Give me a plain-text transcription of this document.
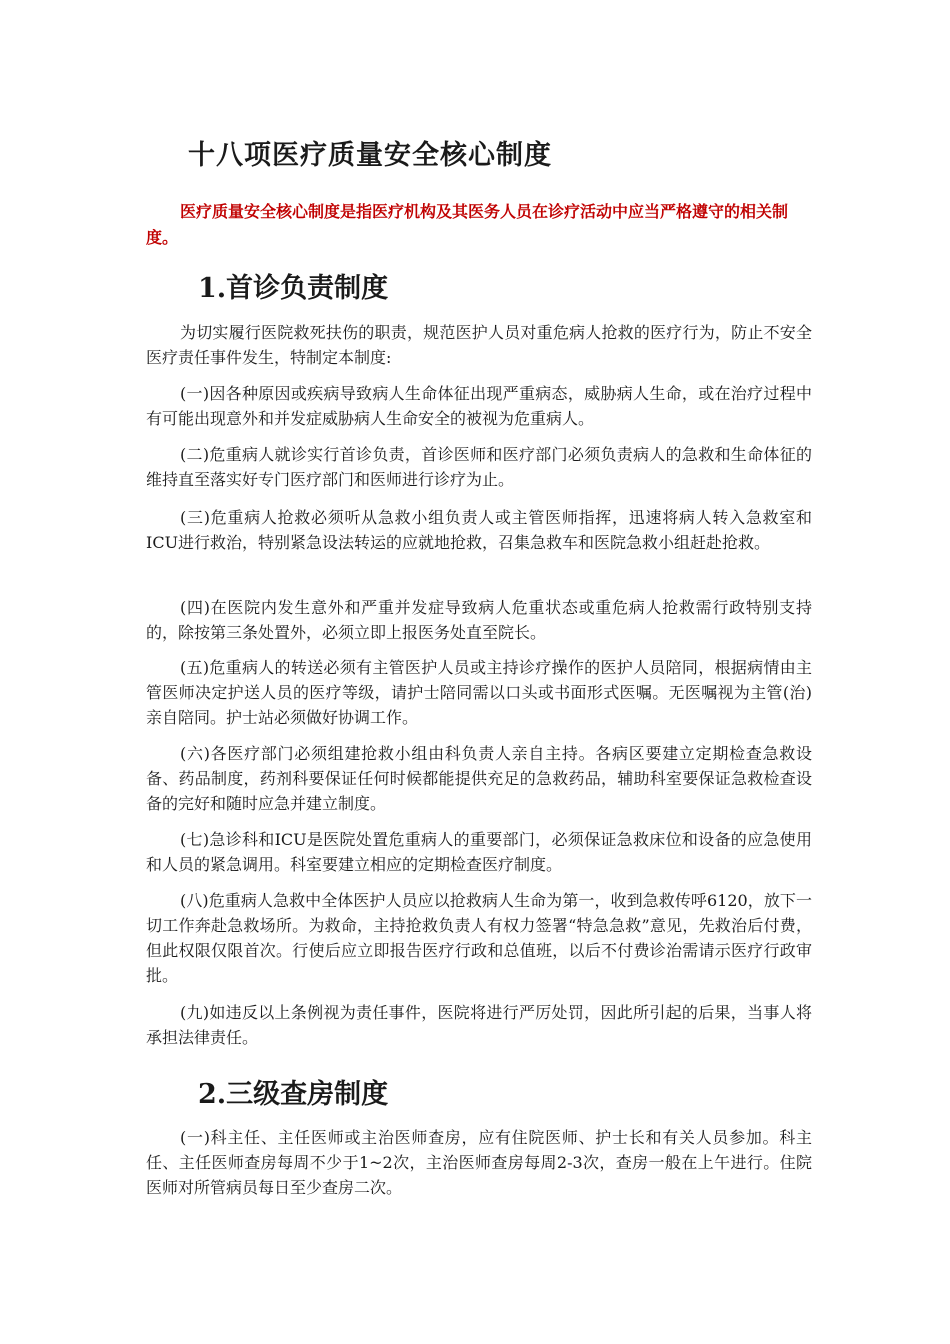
十八项医疗质量安全核心制度

医疗质量安全核心制度是指医疗机构及其医务人员在诊疗活动中应当严格遵守的相关制度。

1.首诊负责制度

为切实履行医院救死扶伤的职责，规范医护人员对重危病人抢救的医疗行为，防止不安全医疗责任事件发生，特制定本制度:

(一)因各种原因或疾病导致病人生命体征出现严重病态，威胁病人生命，或在治疗过程中有可能出现意外和并发症威胁病人生命安全的被视为危重病人。

(二)危重病人就诊实行首诊负责，首诊医师和医疗部门必须负责病人的急救和生命体征的维持直至落实好专门医疗部门和医师进行诊疗为止。

(三)危重病人抢救必须听从急救小组负责人或主管医师指挥，迅速将病人转入急救室和ICU进行救治，特别紧急设法转运的应就地抢救，召集急救车和医院急救小组赶赴抢救。

(四)在医院内发生意外和严重并发症导致病人危重状态或重危病人抢救需行政特别支持的，除按第三条处置外，必须立即上报医务处直至院长。

(五)危重病人的转送必须有主管医护人员或主持诊疗操作的医护人员陪同，根据病情由主管医师决定护送人员的医疗等级，请护士陪同需以口头或书面形式医嘱。无医嘱视为主管(治)亲自陪同。护士站必须做好协调工作。

(六)各医疗部门必须组建抢救小组由科负责人亲自主持。各病区要建立定期检查急救设备、药品制度，药剂科要保证任何时候都能提供充足的急救药品，辅助科室要保证急救检查设备的完好和随时应急并建立制度。

(七)急诊科和ICU是医院处置危重病人的重要部门，必须保证急救床位和设备的应急使用和人员的紧急调用。科室要建立相应的定期检查医疗制度。

(八)危重病人急救中全体医护人员应以抢救病人生命为第一，收到急救传呼6120，放下一切工作奔赴急救场所。为救命，主持抢救负责人有权力签署“特急急救”意见，先救治后付费，但此权限仅限首次。行使后应立即报告医疗行政和总值班，以后不付费诊治需请示医疗行政审批。

(九)如违反以上条例视为责任事件，医院将进行严厉处罚，因此所引起的后果，当事人将承担法律责任。

2.三级查房制度

(一)科主任、主任医师或主治医师查房，应有住院医师、护士长和有关人员参加。科主任、主任医师查房每周不少于1~2次，主治医师查房每周2-3次，查房一般在上午进行。住院医师对所管病员每日至少查房二次。
